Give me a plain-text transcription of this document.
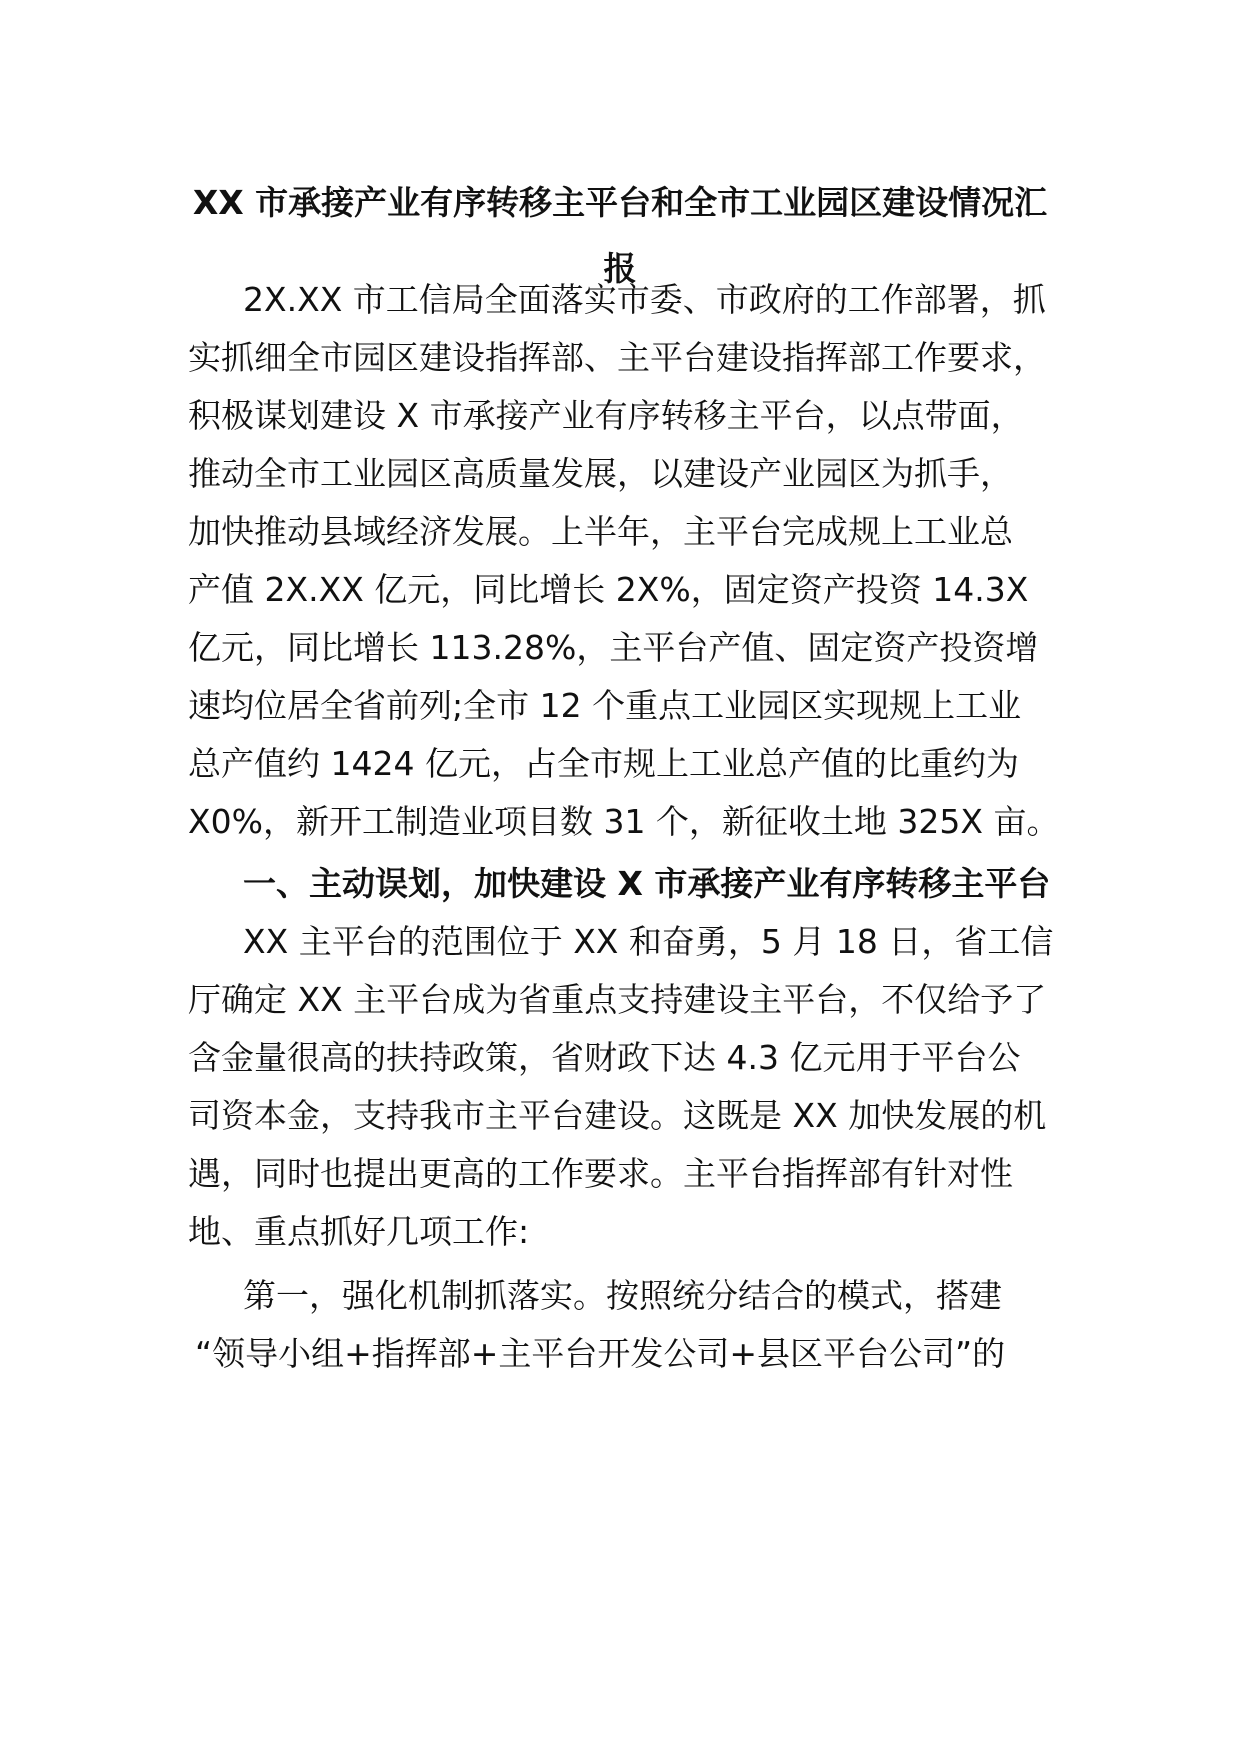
XX 市承接产业有序转移主平台和全市工业园区建设情况汇
报
2X.XX 市工信局全面落实市委、市政府的工作部署，抓
实抓细全市园区建设指挥部、主平台建设指挥部工作要求，
积极谋划建设 X 市承接产业有序转移主平台，以点带面，
推动全市工业园区高质量发展，以建设产业园区为抓手，
加快推动县域经济发展。上半年，主平台完成规上工业总
产值 2X.XX 亿元，同比增长 2X%，固定资产投资 14.3X
亿元，同比增长 113.28%，主平台产值、固定资产投资增
速均位居全省前列;全市 12 个重点工业园区实现规上工业
总产值约 1424 亿元，占全市规上工业总产值的比重约为
X0%，新开工制造业项目数 31 个，新征收土地 325X 亩。
一、主动误划，加快建设 X 市承接产业有序转移主平台
XX 主平台的范围位于 XX 和奋勇，5 月 18 日，省工信
厅确定 XX 主平台成为省重点支持建设主平台，不仅给予了
含金量很高的扶持政策，省财政下达 4.3 亿元用于平台公
司资本金，支持我市主平台建设。这既是 XX 加快发展的机
遇，同时也提出更高的工作要求。主平台指挥部有针对性
地、重点抓好几项工作:
第一，强化机制抓落实。按照统分结合的模式，搭建
“领导小组+指挥部+主平台开发公司+县区平台公司”的
